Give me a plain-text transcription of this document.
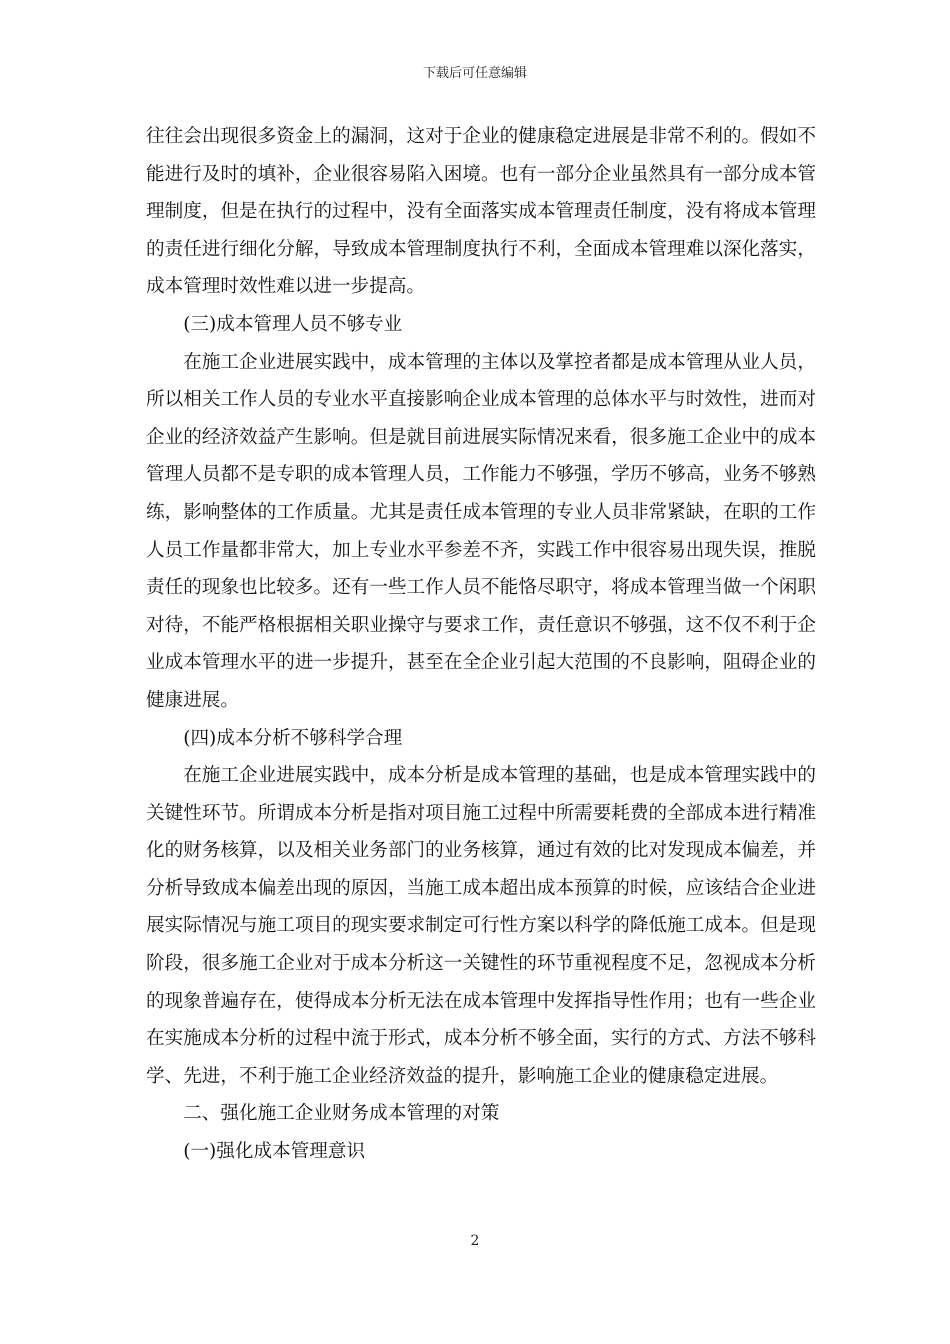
下载后可任意编辑

往往会出现很多资金上的漏洞，这对于企业的健康稳定进展是非常不利的。假如不能进行及时的填补，企业很容易陷入困境。也有一部分企业虽然具有一部分成本管理制度，但是在执行的过程中，没有全面落实成本管理责任制度，没有将成本管理的责任进行细化分解，导致成本管理制度执行不利，全面成本管理难以深化落实，成本管理时效性难以进一步提高。

(三)成本管理人员不够专业

在施工企业进展实践中，成本管理的主体以及掌控者都是成本管理从业人员，所以相关工作人员的专业水平直接影响企业成本管理的总体水平与时效性，进而对企业的经济效益产生影响。但是就目前进展实际情况来看，很多施工企业中的成本管理人员都不是专职的成本管理人员，工作能力不够强，学历不够高，业务不够熟练，影响整体的工作质量。尤其是责任成本管理的专业人员非常紧缺，在职的工作人员工作量都非常大，加上专业水平参差不齐，实践工作中很容易出现失误，推脱责任的现象也比较多。还有一些工作人员不能恪尽职守，将成本管理当做一个闲职对待，不能严格根据相关职业操守与要求工作，责任意识不够强，这不仅不利于企业成本管理水平的进一步提升，甚至在全企业引起大范围的不良影响，阻碍企业的健康进展。

(四)成本分析不够科学合理

在施工企业进展实践中，成本分析是成本管理的基础，也是成本管理实践中的关键性环节。所谓成本分析是指对项目施工过程中所需要耗费的全部成本进行精准化的财务核算，以及相关业务部门的业务核算，通过有效的比对发现成本偏差，并分析导致成本偏差出现的原因，当施工成本超出成本预算的时候，应该结合企业进展实际情况与施工项目的现实要求制定可行性方案以科学的降低施工成本。但是现阶段，很多施工企业对于成本分析这一关键性的环节重视程度不足，忽视成本分析的现象普遍存在，使得成本分析无法在成本管理中发挥指导性作用；也有一些企业在实施成本分析的过程中流于形式，成本分析不够全面，实行的方式、方法不够科学、先进，不利于施工企业经济效益的提升，影响施工企业的健康稳定进展。

二、强化施工企业财务成本管理的对策

(一)强化成本管理意识

2
